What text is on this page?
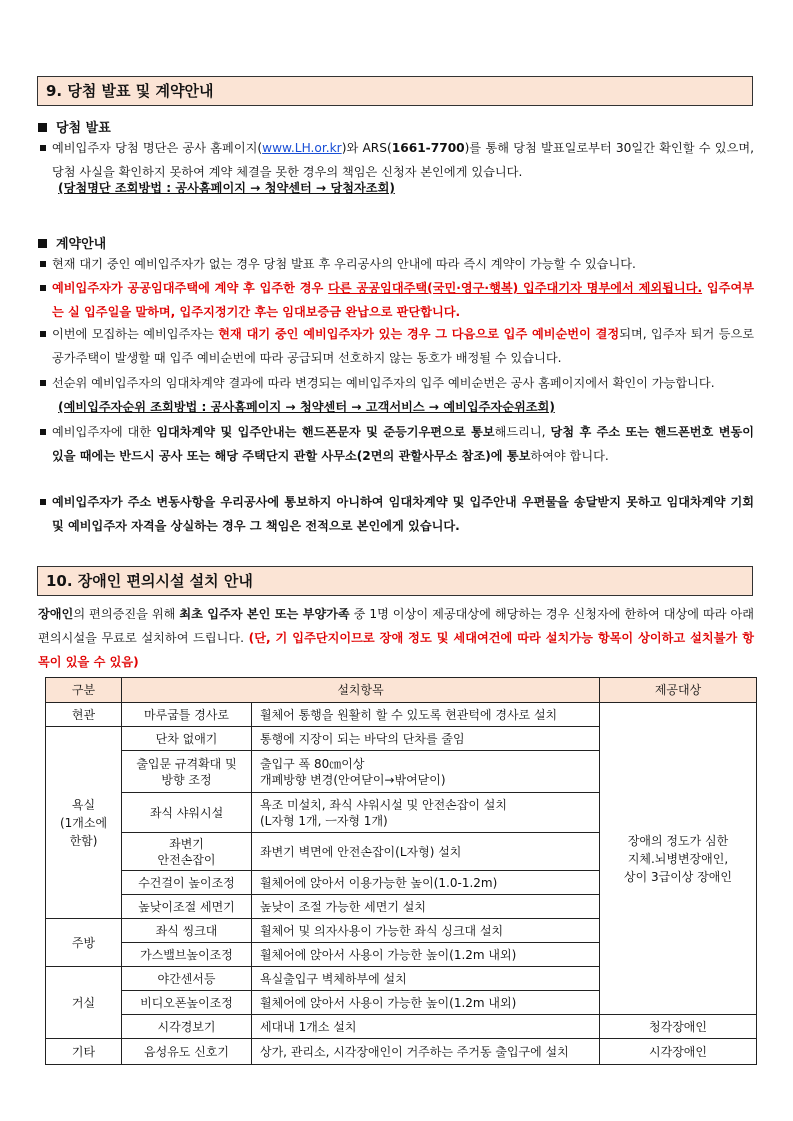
9. 당첨 발표 및 계약안내
당첨 발표

예비입주자 당첨 명단은 공사 홈페이지(www.LH.or.kr)와 ARS(1661-7700)를 통해 당첨 발표일로부터 30일간 확인할 수 있으며, 당첨 사실을 확인하지 못하여 계약 체결을 못한 경우의 책임은 신청자 본인에게 있습니다.

(당첨명단 조회방법 : 공사홈페이지 → 청약센터 → 당첨자조회)
계약안내

현재 대기 중인 예비입주자가 없는 경우 당첨 발표 후 우리공사의 안내에 따라 즉시 계약이 가능할 수 있습니다.

예비입주자가 공공임대주택에 계약 후 입주한 경우 다른 공공임대주택(국민·영구·행복) 입주대기자 명부에서 제외됩니다. 입주여부는 실 입주일을 말하며, 입주지정기간 후는 임대보증금 완납으로 판단합니다.

이번에 모집하는 예비입주자는 현재 대기 중인 예비입주자가 있는 경우 그 다음으로 입주 예비순번이 결정되며, 입주자 퇴거 등으로 공가주택이 발생할 때 입주 예비순번에 따라 공급되며 선호하지 않는 동호가 배정될 수 있습니다.

선순위 예비입주자의 임대차계약 결과에 따라 변경되는 예비입주자의 입주 예비순번은 공사 홈페이지에서 확인이 가능합니다.

(예비입주자순위 조회방법 : 공사홈페이지 → 청약센터 → 고객서비스 → 예비입주자순위조회)

예비입주자에 대한 임대차계약 및 입주안내는 핸드폰문자 및 준등기우편으로 통보해드리니, 당첨 후 주소 또는 핸드폰번호 변동이 있을 때에는 반드시 공사 또는 해당 주택단지 관할 사무소(2면의 관할사무소 참조)에 통보하여야 합니다.

예비입주자가 주소 변동사항을 우리공사에 통보하지 아니하여 임대차계약 및 입주안내 우편물을 송달받지 못하고 임대차계약 기회 및 예비입주자 자격을 상실하는 경우 그 책임은 전적으로 본인에게 있습니다.

10. 장애인 편의시설 설치 안내

장애인의 편의증진을 위해 최초 입주자 본인 또는 부양가족 중 1명 이상이 제공대상에 해당하는 경우 신청자에 한하여 대상에 따라 아래 편의시설을 무료로 설치하여 드립니다. (단, 기 입주단지이므로 장애 정도 및 세대여건에 따라 설치가능 항목이 상이하고 설치불가 항목이 있을 수 있음)

구분	설치항목		제공대상
현관	마루굽틀 경사로	휠체어 통행을 원활히 할 수 있도록 현관턱에 경사로 설치	장애의 정도가 심한
지체.뇌병변장애인,
상이 3급이상 장애인
욕실
(1개소에
한함)	단차 없애기	통행에 지장이 되는 바닥의 단차를 줄임	
	출입문 규격확대 및
방향 조정	출입구 폭 80㎝이상
개폐방향 변경(안여닫이→밖여닫이)	
	좌식 샤워시설	욕조 미설치, 좌식 샤워시설 및 안전손잡이 설치
(L자형 1개, ㅡ자형 1개)	
	좌변기
안전손잡이	좌변기 벽면에 안전손잡이(L자형) 설치	
	수건걸이 높이조정	휠체어에 앉아서 이용가능한 높이(1.0-1.2m)	
	높낮이조절 세면기	높낮이 조절 가능한 세면기 설치	
주방	좌식 씽크대	휠체어 및 의자사용이 가능한 좌식 싱크대 설치	
	가스밸브높이조정	휠체어에 앉아서 사용이 가능한 높이(1.2m 내외)	
거실	야간센서등	욕실출입구 벽체하부에 설치	
	비디오폰높이조정	휠체어에 앉아서 사용이 가능한 높이(1.2m 내외)	
	시각경보기	세대내 1개소 설치	청각장애인
기타	음성유도 신호기	상가, 관리소, 시각장애인이 거주하는 주거동 출입구에 설치	시각장애인
